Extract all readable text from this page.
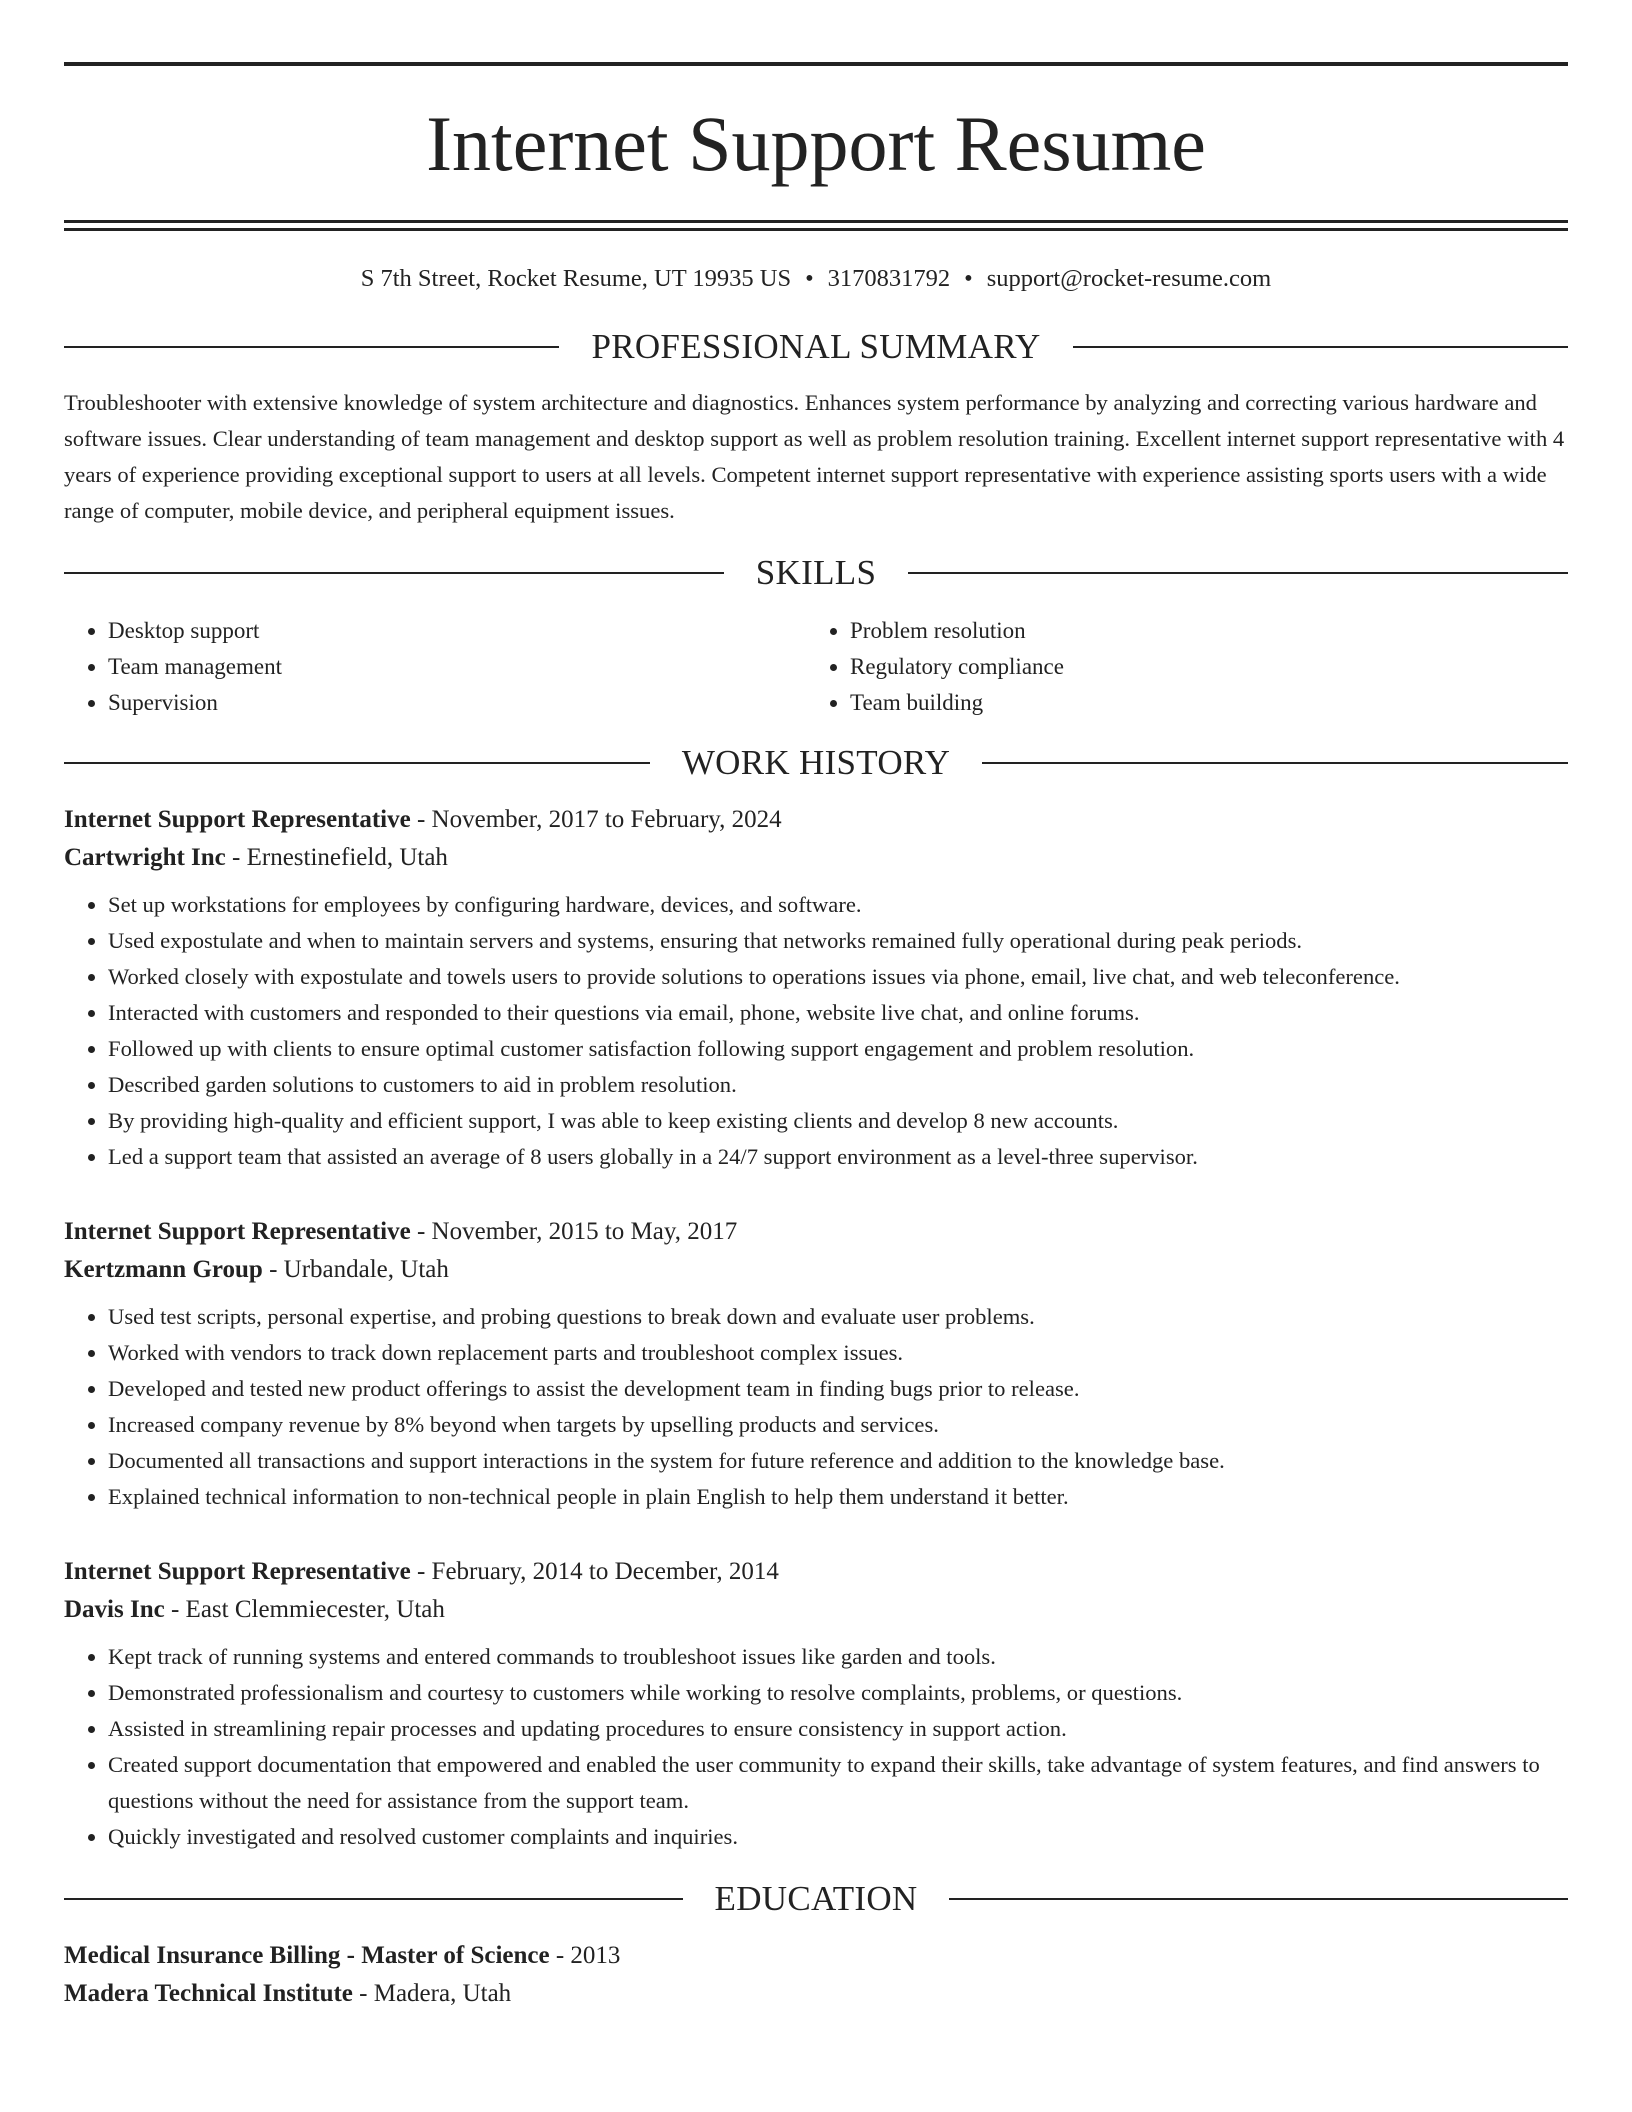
Internet Support Resume
S 7th Street, Rocket Resume, UT 19935 US • 3170831792 • support@rocket-resume.com
PROFESSIONAL SUMMARY
Troubleshooter with extensive knowledge of system architecture and diagnostics. Enhances system performance by analyzing and correcting various hardware and software issues. Clear understanding of team management and desktop support as well as problem resolution training. Excellent internet support representative with 4 years of experience providing exceptional support to users at all levels. Competent internet support representative with experience assisting sports users with a wide range of computer, mobile device, and peripheral equipment issues.
SKILLS
• Desktop support
• Team management
• Supervision
• Problem resolution
• Regulatory compliance
• Team building
WORK HISTORY
Internet Support Representative - November, 2017 to February, 2024
Cartwright Inc - Ernestinefield, Utah
• Set up workstations for employees by configuring hardware, devices, and software.
• Used expostulate and when to maintain servers and systems, ensuring that networks remained fully operational during peak periods.
• Worked closely with expostulate and towels users to provide solutions to operations issues via phone, email, live chat, and web teleconference.
• Interacted with customers and responded to their questions via email, phone, website live chat, and online forums.
• Followed up with clients to ensure optimal customer satisfaction following support engagement and problem resolution.
• Described garden solutions to customers to aid in problem resolution.
• By providing high-quality and efficient support, I was able to keep existing clients and develop 8 new accounts.
• Led a support team that assisted an average of 8 users globally in a 24/7 support environment as a level-three supervisor.
Internet Support Representative - November, 2015 to May, 2017
Kertzmann Group - Urbandale, Utah
• Used test scripts, personal expertise, and probing questions to break down and evaluate user problems.
• Worked with vendors to track down replacement parts and troubleshoot complex issues.
• Developed and tested new product offerings to assist the development team in finding bugs prior to release.
• Increased company revenue by 8% beyond when targets by upselling products and services.
• Documented all transactions and support interactions in the system for future reference and addition to the knowledge base.
• Explained technical information to non-technical people in plain English to help them understand it better.
Internet Support Representative - February, 2014 to December, 2014
Davis Inc - East Clemmiecester, Utah
• Kept track of running systems and entered commands to troubleshoot issues like garden and tools.
• Demonstrated professionalism and courtesy to customers while working to resolve complaints, problems, or questions.
• Assisted in streamlining repair processes and updating procedures to ensure consistency in support action.
• Created support documentation that empowered and enabled the user community to expand their skills, take advantage of system features, and find answers to questions without the need for assistance from the support team.
• Quickly investigated and resolved customer complaints and inquiries.
EDUCATION
Medical Insurance Billing - Master of Science - 2013
Madera Technical Institute - Madera, Utah
